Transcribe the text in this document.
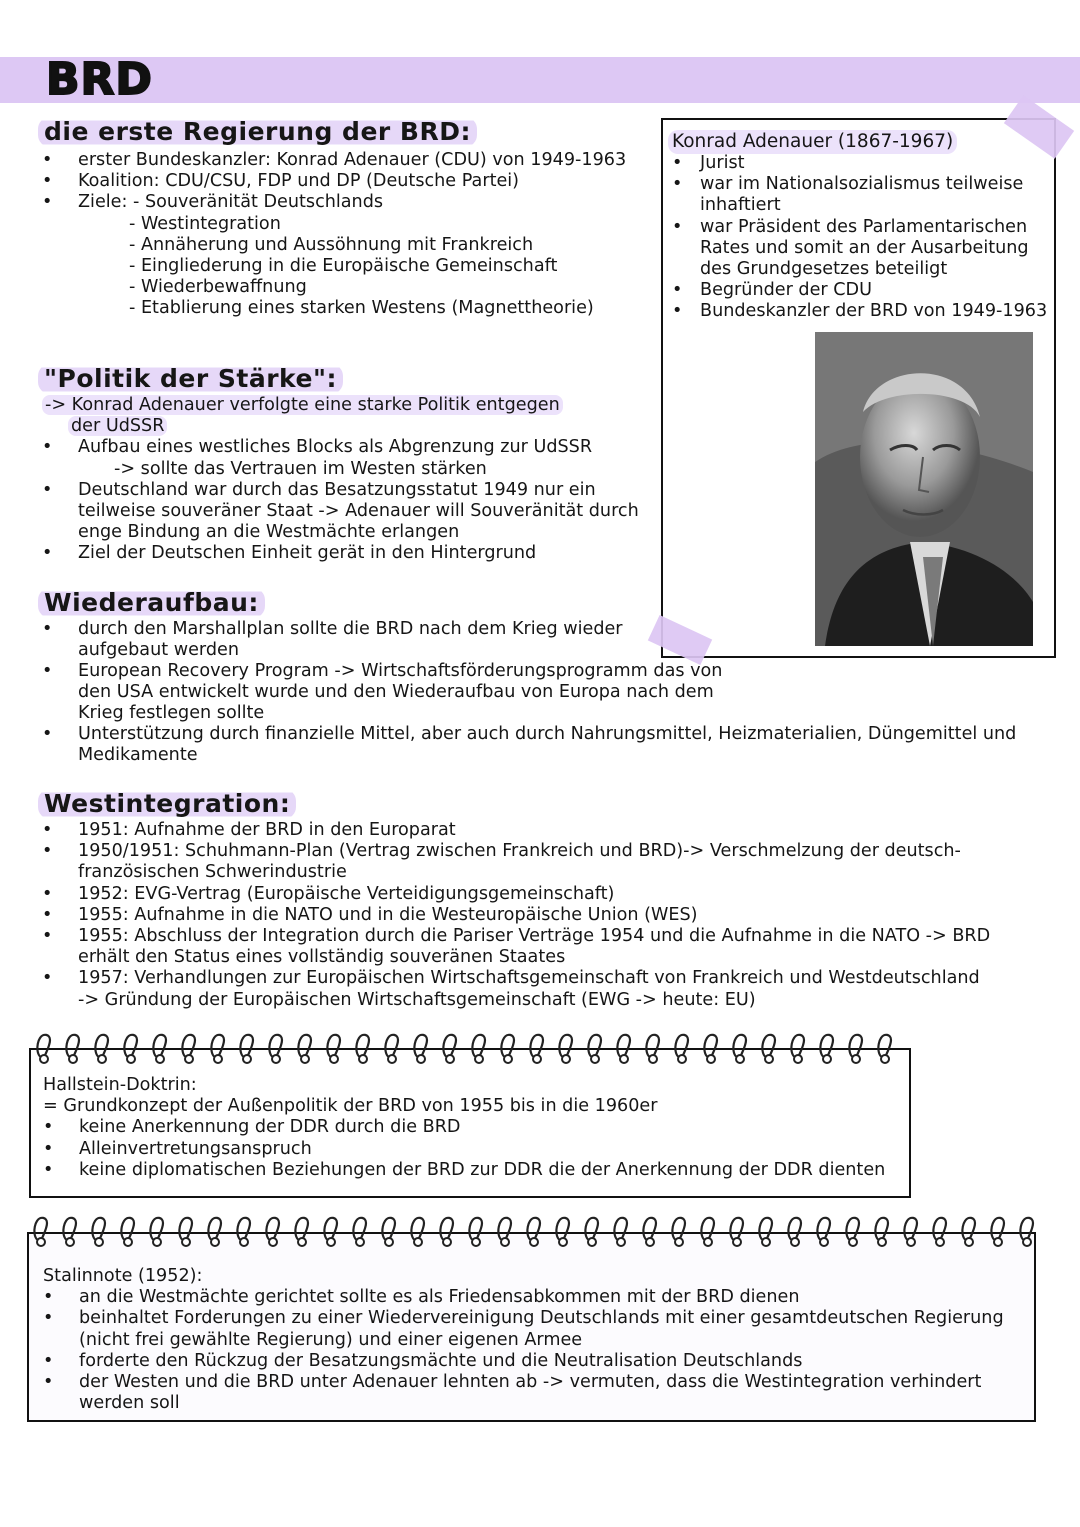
BRD
die erste Regierung der BRD:
• erster Bundeskanzler: Konrad Adenauer (CDU) von 1949-1963
• Koalition: CDU/CSU, FDP und DP (Deutsche Partei)
• Ziele: - Souveränität Deutschlands
- Westintegration
- Annäherung und Aussöhnung mit Frankreich
- Eingliederung in die Europäische Gemeinschaft
- Wiederbewaffnung
- Etablierung eines starken Westens (Magnettheorie)
"Politik der Stärke":
-> Konrad Adenauer verfolgte eine starke Politik entgegen
der UdSSR
• Aufbau eines westliches Blocks als Abgrenzung zur UdSSR
-> sollte das Vertrauen im Westen stärken
• Deutschland war durch das Besatzungsstatut 1949 nur ein teilweise souveräner Staat -> Adenauer will Souveränität durch enge Bindung an die Westmächte erlangen
• Ziel der Deutschen Einheit gerät in den Hintergrund
Konrad Adenauer (1867-1967)
• Jurist
• war im Nationalsozialismus teilweise inhaftiert
• war Präsident des Parlamentarischen Rates und somit an der Ausarbeitung des Grundgesetzes beteiligt
• Begründer der CDU
• Bundeskanzler der BRD von 1949-1963
Wiederaufbau:
• durch den Marshallplan sollte die BRD nach dem Krieg wieder aufgebaut werden
• European Recovery Program -> Wirtschaftsförderungsprogramm das von den USA entwickelt wurde und den Wiederaufbau von Europa nach dem Krieg festlegen sollte
• Unterstützung durch finanzielle Mittel, aber auch durch Nahrungsmittel, Heizmaterialien, Düngemittel und Medikamente
Westintegration:
• 1951: Aufnahme der BRD in den Europarat
• 1950/1951: Schuhmann-Plan (Vertrag zwischen Frankreich und BRD)-> Verschmelzung der deutsch-französischen Schwerindustrie
• 1952: EVG-Vertrag (Europäische Verteidigungsgemeinschaft)
• 1955: Aufnahme in die NATO und in die Westeuropäische Union (WES)
• 1955: Abschluss der Integration durch die Pariser Verträge 1954 und die Aufnahme in die NATO -> BRD erhält den Status eines vollständig souveränen Staates
• 1957: Verhandlungen zur Europäischen Wirtschaftsgemeinschaft von Frankreich und Westdeutschland
-> Gründung der Europäischen Wirtschaftsgemeinschaft (EWG -> heute: EU)
Hallstein-Doktrin:
= Grundkonzept der Außenpolitik der BRD von 1955 bis in die 1960er
• keine Anerkennung der DDR durch die BRD
• Alleinvertretungsanspruch
• keine diplomatischen Beziehungen der BRD zur DDR die der Anerkennung der DDR dienten
Stalinnote (1952):
• an die Westmächte gerichtet sollte es als Friedensabkommen mit der BRD dienen
• beinhaltet Forderungen zu einer Wiedervereinigung Deutschlands mit einer gesamtdeutschen Regierung (nicht frei gewählte Regierung) und einer eigenen Armee
• forderte den Rückzug der Besatzungsmächte und die Neutralisation Deutschlands
• der Westen und die BRD unter Adenauer lehnten ab -> vermuten, dass die Westintegration verhindert werden soll
